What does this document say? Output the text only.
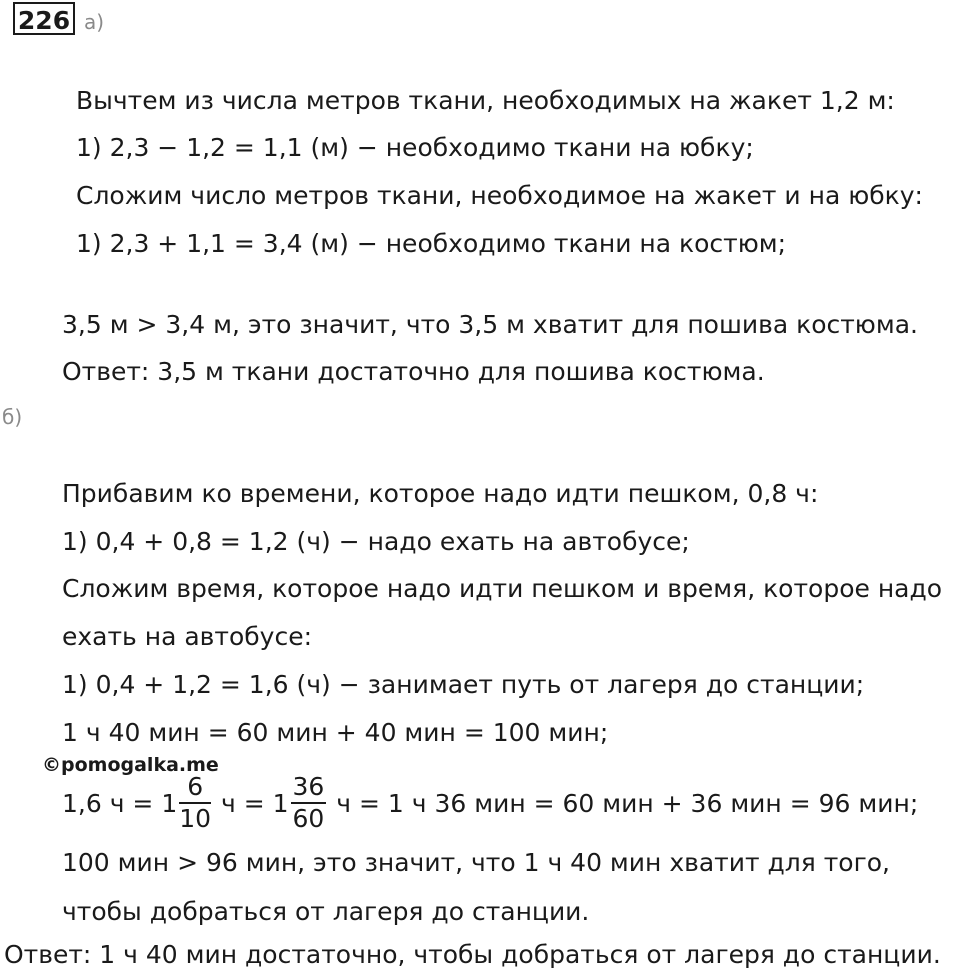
226 а)
Вычтем из числа метров ткани, необходимых на жакет 1,2 м:
1) 2,3 − 1,2 = 1,1 (м) − необходимо ткани на юбку;
Сложим число метров ткани, необходимое на жакет и на юбку:
1) 2,3 + 1,1 = 3,4 (м) − необходимо ткани на костюм;
3,5 м > 3,4 м, это значит, что 3,5 м хватит для пошива костюма.
Ответ: 3,5 м ткани достаточно для пошива костюма.
б)
Прибавим ко времени, которое надо идти пешком, 0,8 ч:
1) 0,4 + 0,8 = 1,2 (ч) − надо ехать на автобусе;
Сложим время, которое надо идти пешком и время, которое надо
ехать на автобусе:
1) 0,4 + 1,2 = 1,6 (ч) − занимает путь от лагеря до станции;
1 ч 40 мин = 60 мин + 40 мин = 100 мин;
©pomogalka.me
1,6 $ч = 1 \frac{6}{10}$ $ч = 1 \frac{36}{60}$ ч = 1 ч 36 мин = 60 мин + 36 мин = 96 мин;
100 мин > 96 мин, это значит, что 1 ч 40 мин хватит для того,
чтобы добраться от лагеря до станции.
Ответ: 1 ч 40 мин достаточно, чтобы добраться от лагеря до станции.
